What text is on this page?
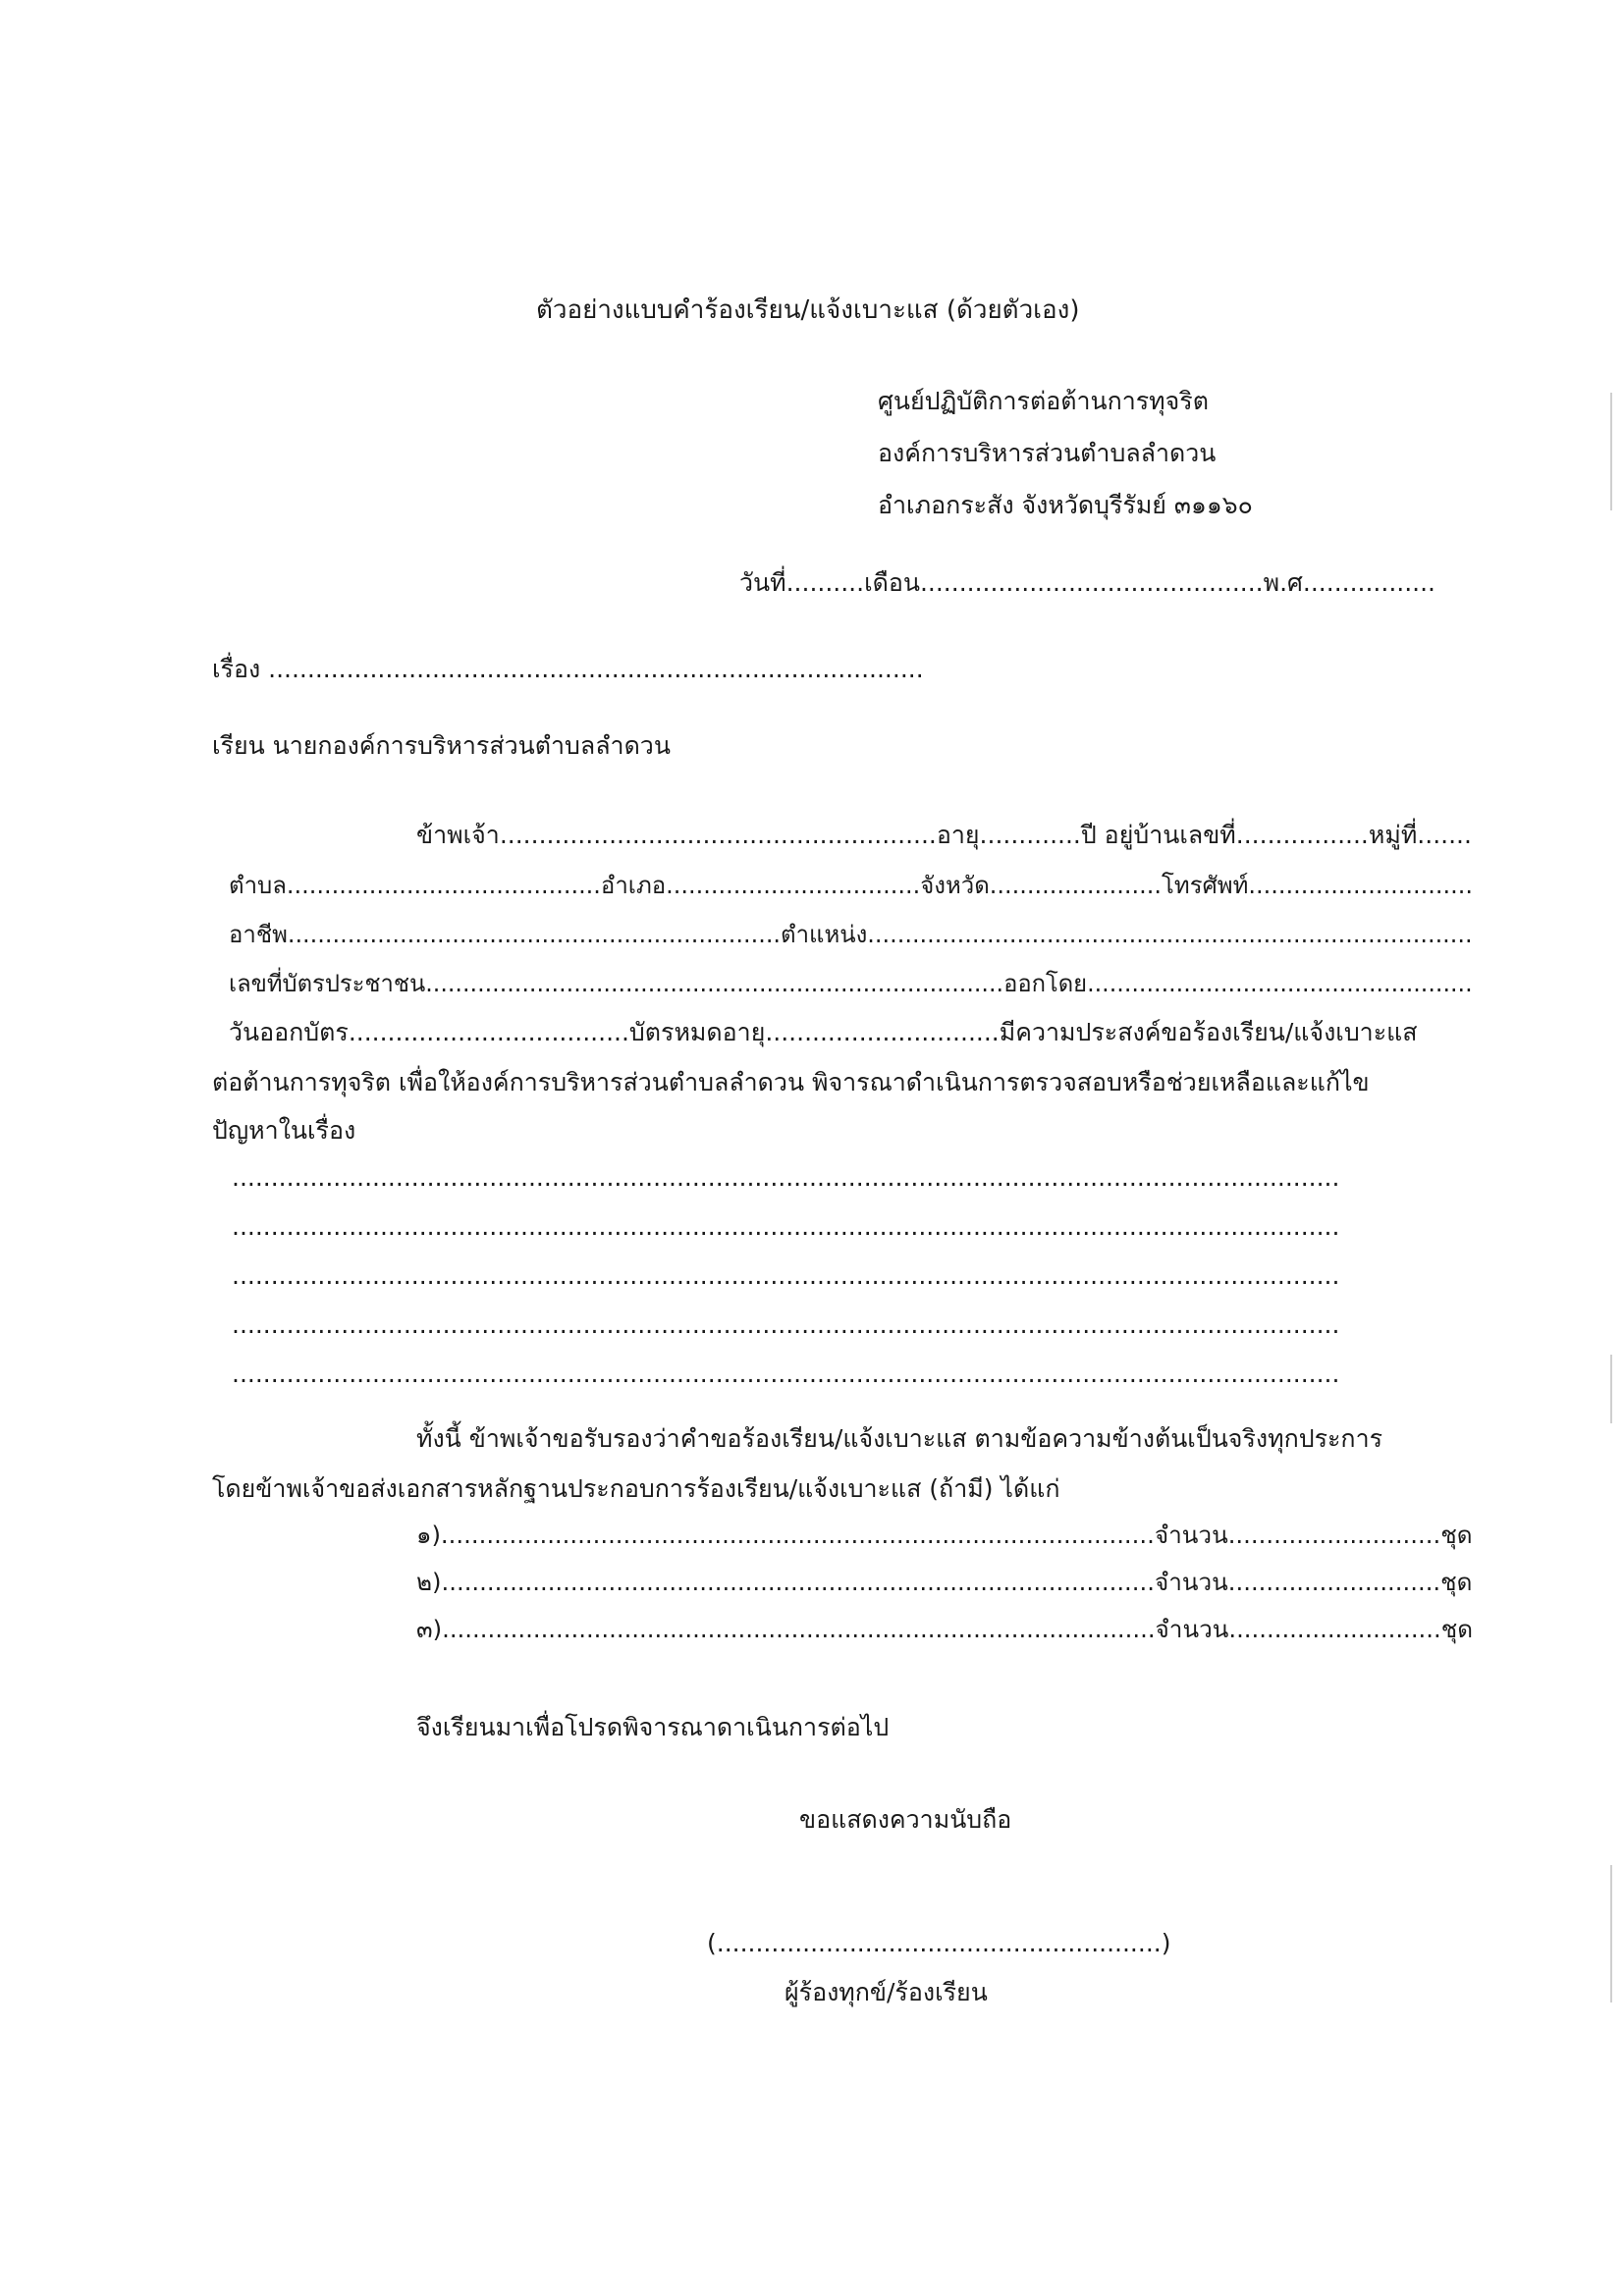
ตัวอย่างแบบคำร้องเรียน/แจ้งเบาะแส (ด้วยตัวเอง)
ศูนย์ปฏิบัติการต่อต้านการทุจริต
องค์การบริหารส่วนตำบลลำดวน
อำเภอกระสัง จังหวัดบุรีรัมย์ ๓๑๑๖๐
วันที่..........เดือน............................................พ.ศ.................
เรื่อง ....................................................................................
เรียน นายกองค์การบริหารส่วนตำบลลำดวน
ข้าพเจ้า........................................................อายุ.............ปี อยู่บ้านเลขที่.................หมู่ที่.......
ตำบล..........................................อำเภอ..................................จังหวัด.......................โทรศัพท์..............................
อาชีพ..................................................................ตำแหน่ง.................................................................................
เลขที่บัตรประชาชน..............................................................................ออกโดย....................................................
วันออกบัตร....................................บัตรหมดอายุ..............................มีความประสงค์ขอร้องเรียน/แจ้งเบาะแส
ต่อต้านการทุจริต เพื่อให้องค์การบริหารส่วนตำบลลำดวน พิจารณาดำเนินการตรวจสอบหรือช่วยเหลือและแก้ไข
ปัญหาในเรื่อง
..............................................................................................................................................
..............................................................................................................................................
..............................................................................................................................................
..............................................................................................................................................
..............................................................................................................................................
ทั้งนี้ ข้าพเจ้าขอรับรองว่าคำขอร้องเรียน/แจ้งเบาะแส ตามข้อความข้างต้นเป็นจริงทุกประการ
โดยข้าพเจ้าขอส่งเอกสารหลักฐานประกอบการร้องเรียน/แจ้งเบาะแส (ถ้ามี) ได้แก่
๑)..............................................................................................จำนวน............................ชุด
๒)..............................................................................................จำนวน............................ชุด
๓)..............................................................................................จำนวน............................ชุด
จึงเรียนมาเพื่อโปรดพิจารณาดาเนินการต่อไป
ขอแสดงความนับถือ
(.........................................................)
ผู้ร้องทุกข์/ร้องเรียน
